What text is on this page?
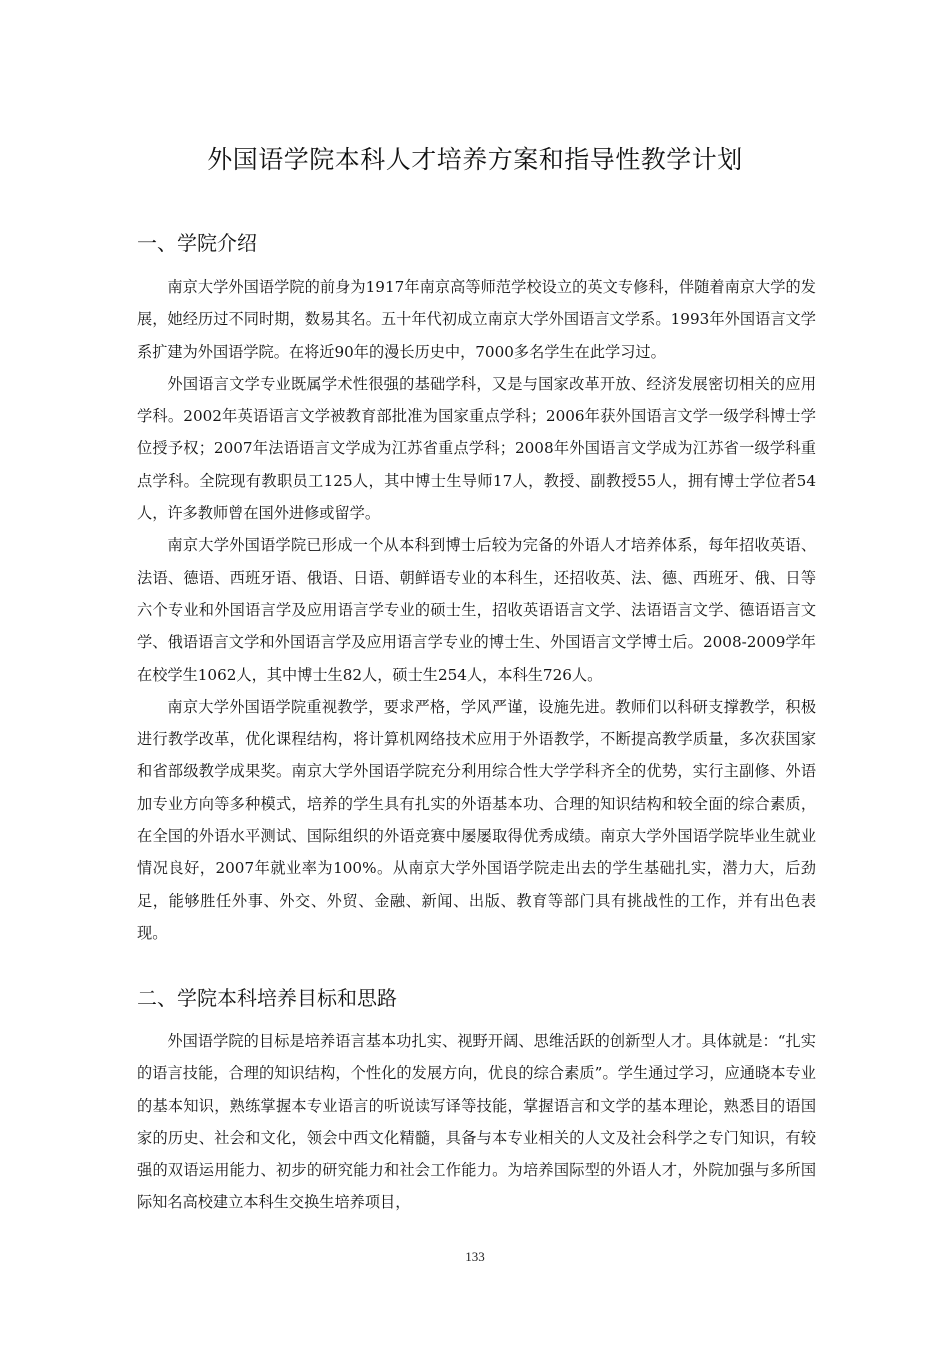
外国语学院本科人才培养方案和指导性教学计划
一、学院介绍

南京大学外国语学院的前身为1917年南京高等师范学校设立的英文专修科，伴随着南京大学的发展，她经历过不同时期，数易其名。五十年代初成立南京大学外国语言文学系。1993年外国语言文学系扩建为外国语学院。在将近90年的漫长历史中，7000多名学生在此学习过。

外国语言文学专业既属学术性很强的基础学科，又是与国家改革开放、经济发展密切相关的应用学科。2002年英语语言文学被教育部批准为国家重点学科；2006年获外国语言文学一级学科博士学位授予权；2007年法语语言文学成为江苏省重点学科；2008年外国语言文学成为江苏省一级学科重点学科。全院现有教职员工125人，其中博士生导师17人，教授、副教授55人，拥有博士学位者54人，许多教师曾在国外进修或留学。

南京大学外国语学院已形成一个从本科到博士后较为完备的外语人才培养体系，每年招收英语、法语、德语、西班牙语、俄语、日语、朝鲜语专业的本科生，还招收英、法、德、西班牙、俄、日等六个专业和外国语言学及应用语言学专业的硕士生，招收英语语言文学、法语语言文学、德语语言文学、俄语语言文学和外国语言学及应用语言学专业的博士生、外国语言文学博士后。2008-2009学年在校学生1062人，其中博士生82人，硕士生254人，本科生726人。

南京大学外国语学院重视教学，要求严格，学风严谨，设施先进。教师们以科研支撑教学，积极进行教学改革，优化课程结构，将计算机网络技术应用于外语教学，不断提高教学质量，多次获国家和省部级教学成果奖。南京大学外国语学院充分利用综合性大学学科齐全的优势，实行主副修、外语加专业方向等多种模式，培养的学生具有扎实的外语基本功、合理的知识结构和较全面的综合素质，在全国的外语水平测试、国际组织的外语竞赛中屡屡取得优秀成绩。南京大学外国语学院毕业生就业情况良好，2007年就业率为100%。从南京大学外国语学院走出去的学生基础扎实，潜力大，后劲足，能够胜任外事、外交、外贸、金融、新闻、出版、教育等部门具有挑战性的工作，并有出色表现。

二、学院本科培养目标和思路

外国语学院的目标是培养语言基本功扎实、视野开阔、思维活跃的创新型人才。具体就是：“扎实的语言技能，合理的知识结构，个性化的发展方向，优良的综合素质”。学生通过学习，应通晓本专业的基本知识，熟练掌握本专业语言的听说读写译等技能，掌握语言和文学的基本理论，熟悉目的语国家的历史、社会和文化，领会中西文化精髓，具备与本专业相关的人文及社会科学之专门知识，有较强的双语运用能力、初步的研究能力和社会工作能力。为培养国际型的外语人才，外院加强与多所国际知名高校建立本科生交换生培养项目，

133
